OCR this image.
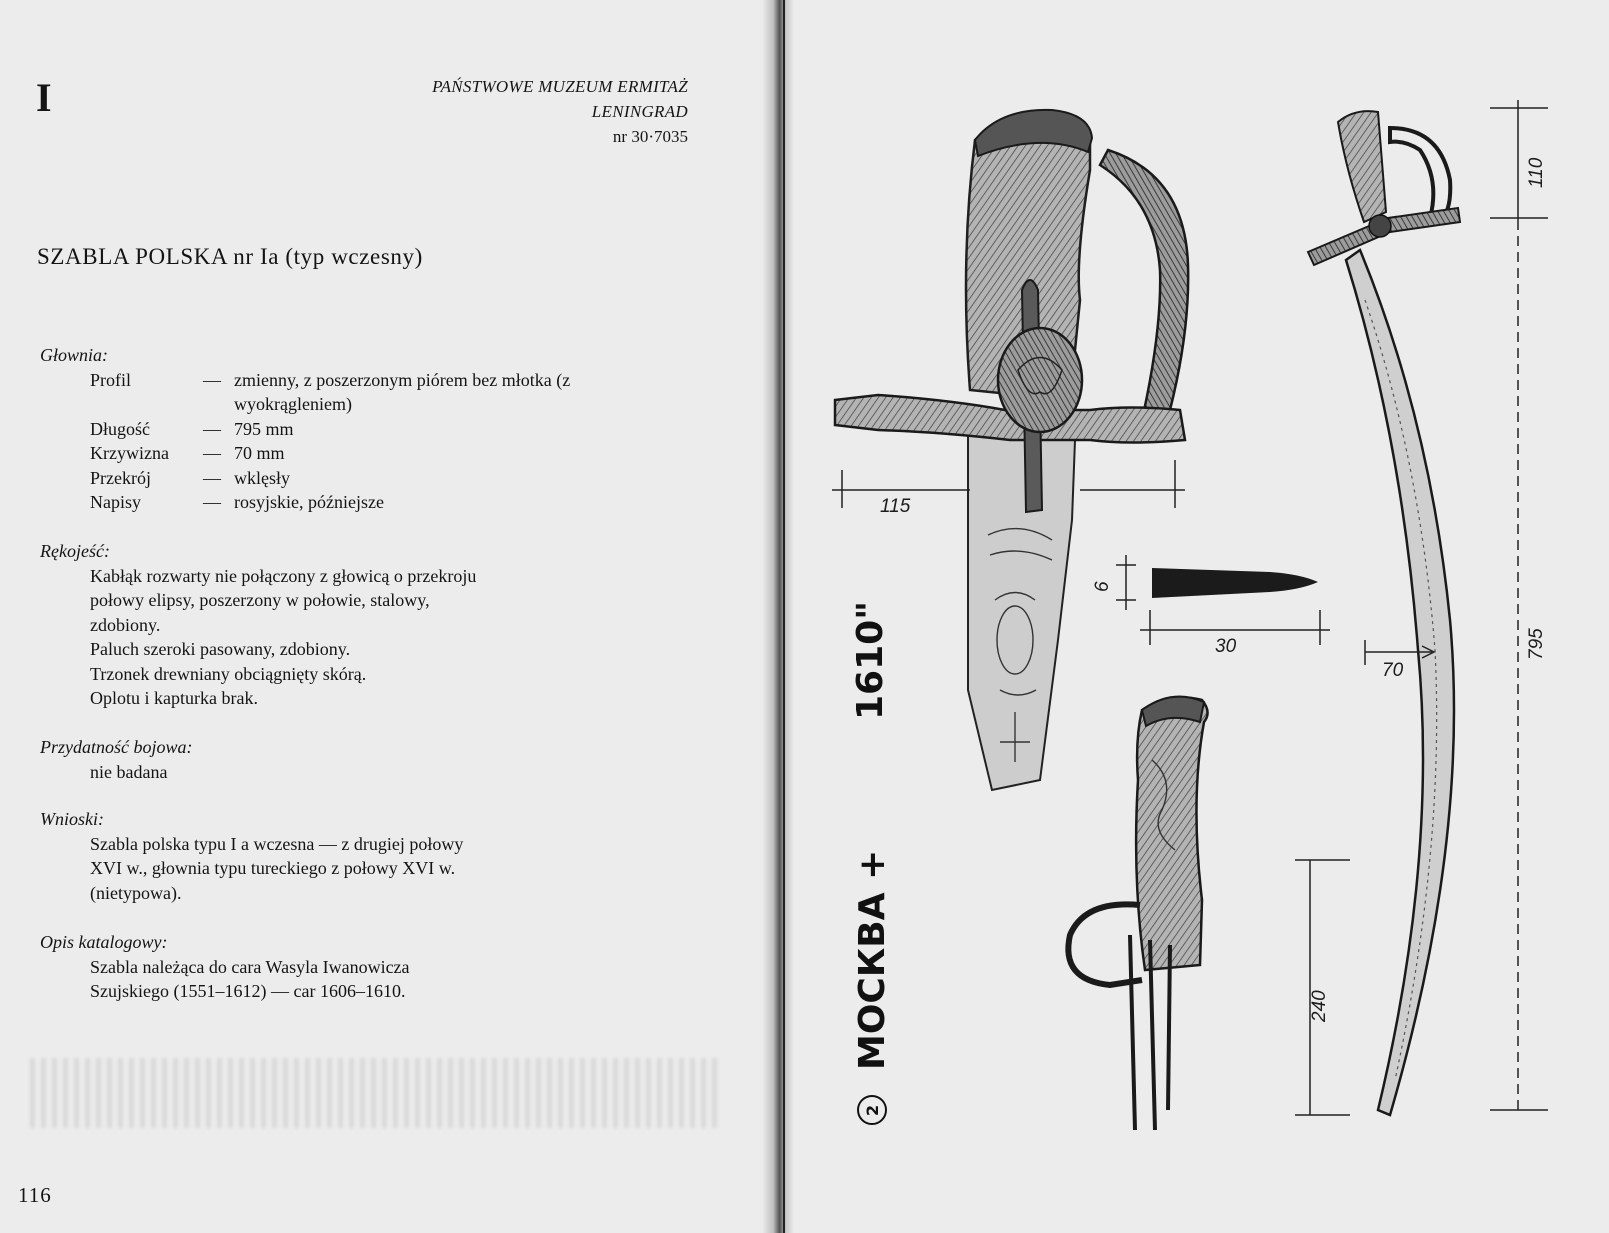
I	PAŃSTWOWE MUZEUM ERMITAŻ
LENINGRAD
nr 30·7035
SZABLA POLSKA nr Ia (typ wczesny)
Głownia:
Profil	— zmienny, z poszerzonym piórem bez młotka (z wyokrągleniem)
Długość	— 795 mm
Krzywizna — 70 mm
Przekrój	— wklęsły
Napisy	— rosyjskie, późniejsze
Rękojeść:
Kabłąk rozwarty nie połączony z głowicą o przekroju
połowy elipsy, poszerzony w połowie, stalowy,
zdobiony.
Paluch szeroki pasowany, zdobiony.
Trzonek drewniany obciągnięty skórą.
Oplotu i kapturka brak.
Przydatność bojowa:
nie badana
Wnioski:
Szabla polska typu I a wczesna — z drugiej połowy
XVI w., głownia typu tureckiego z połowy XVI w.
(nietypowa).
Opis katalogowy:
Szabla należąca do cara Wasyla Iwanowicza
Szujskiego (1551–1612) — car 1606–1610.
116
115
1610"
МОСКВА +
2
6
30
240
110
795
70
